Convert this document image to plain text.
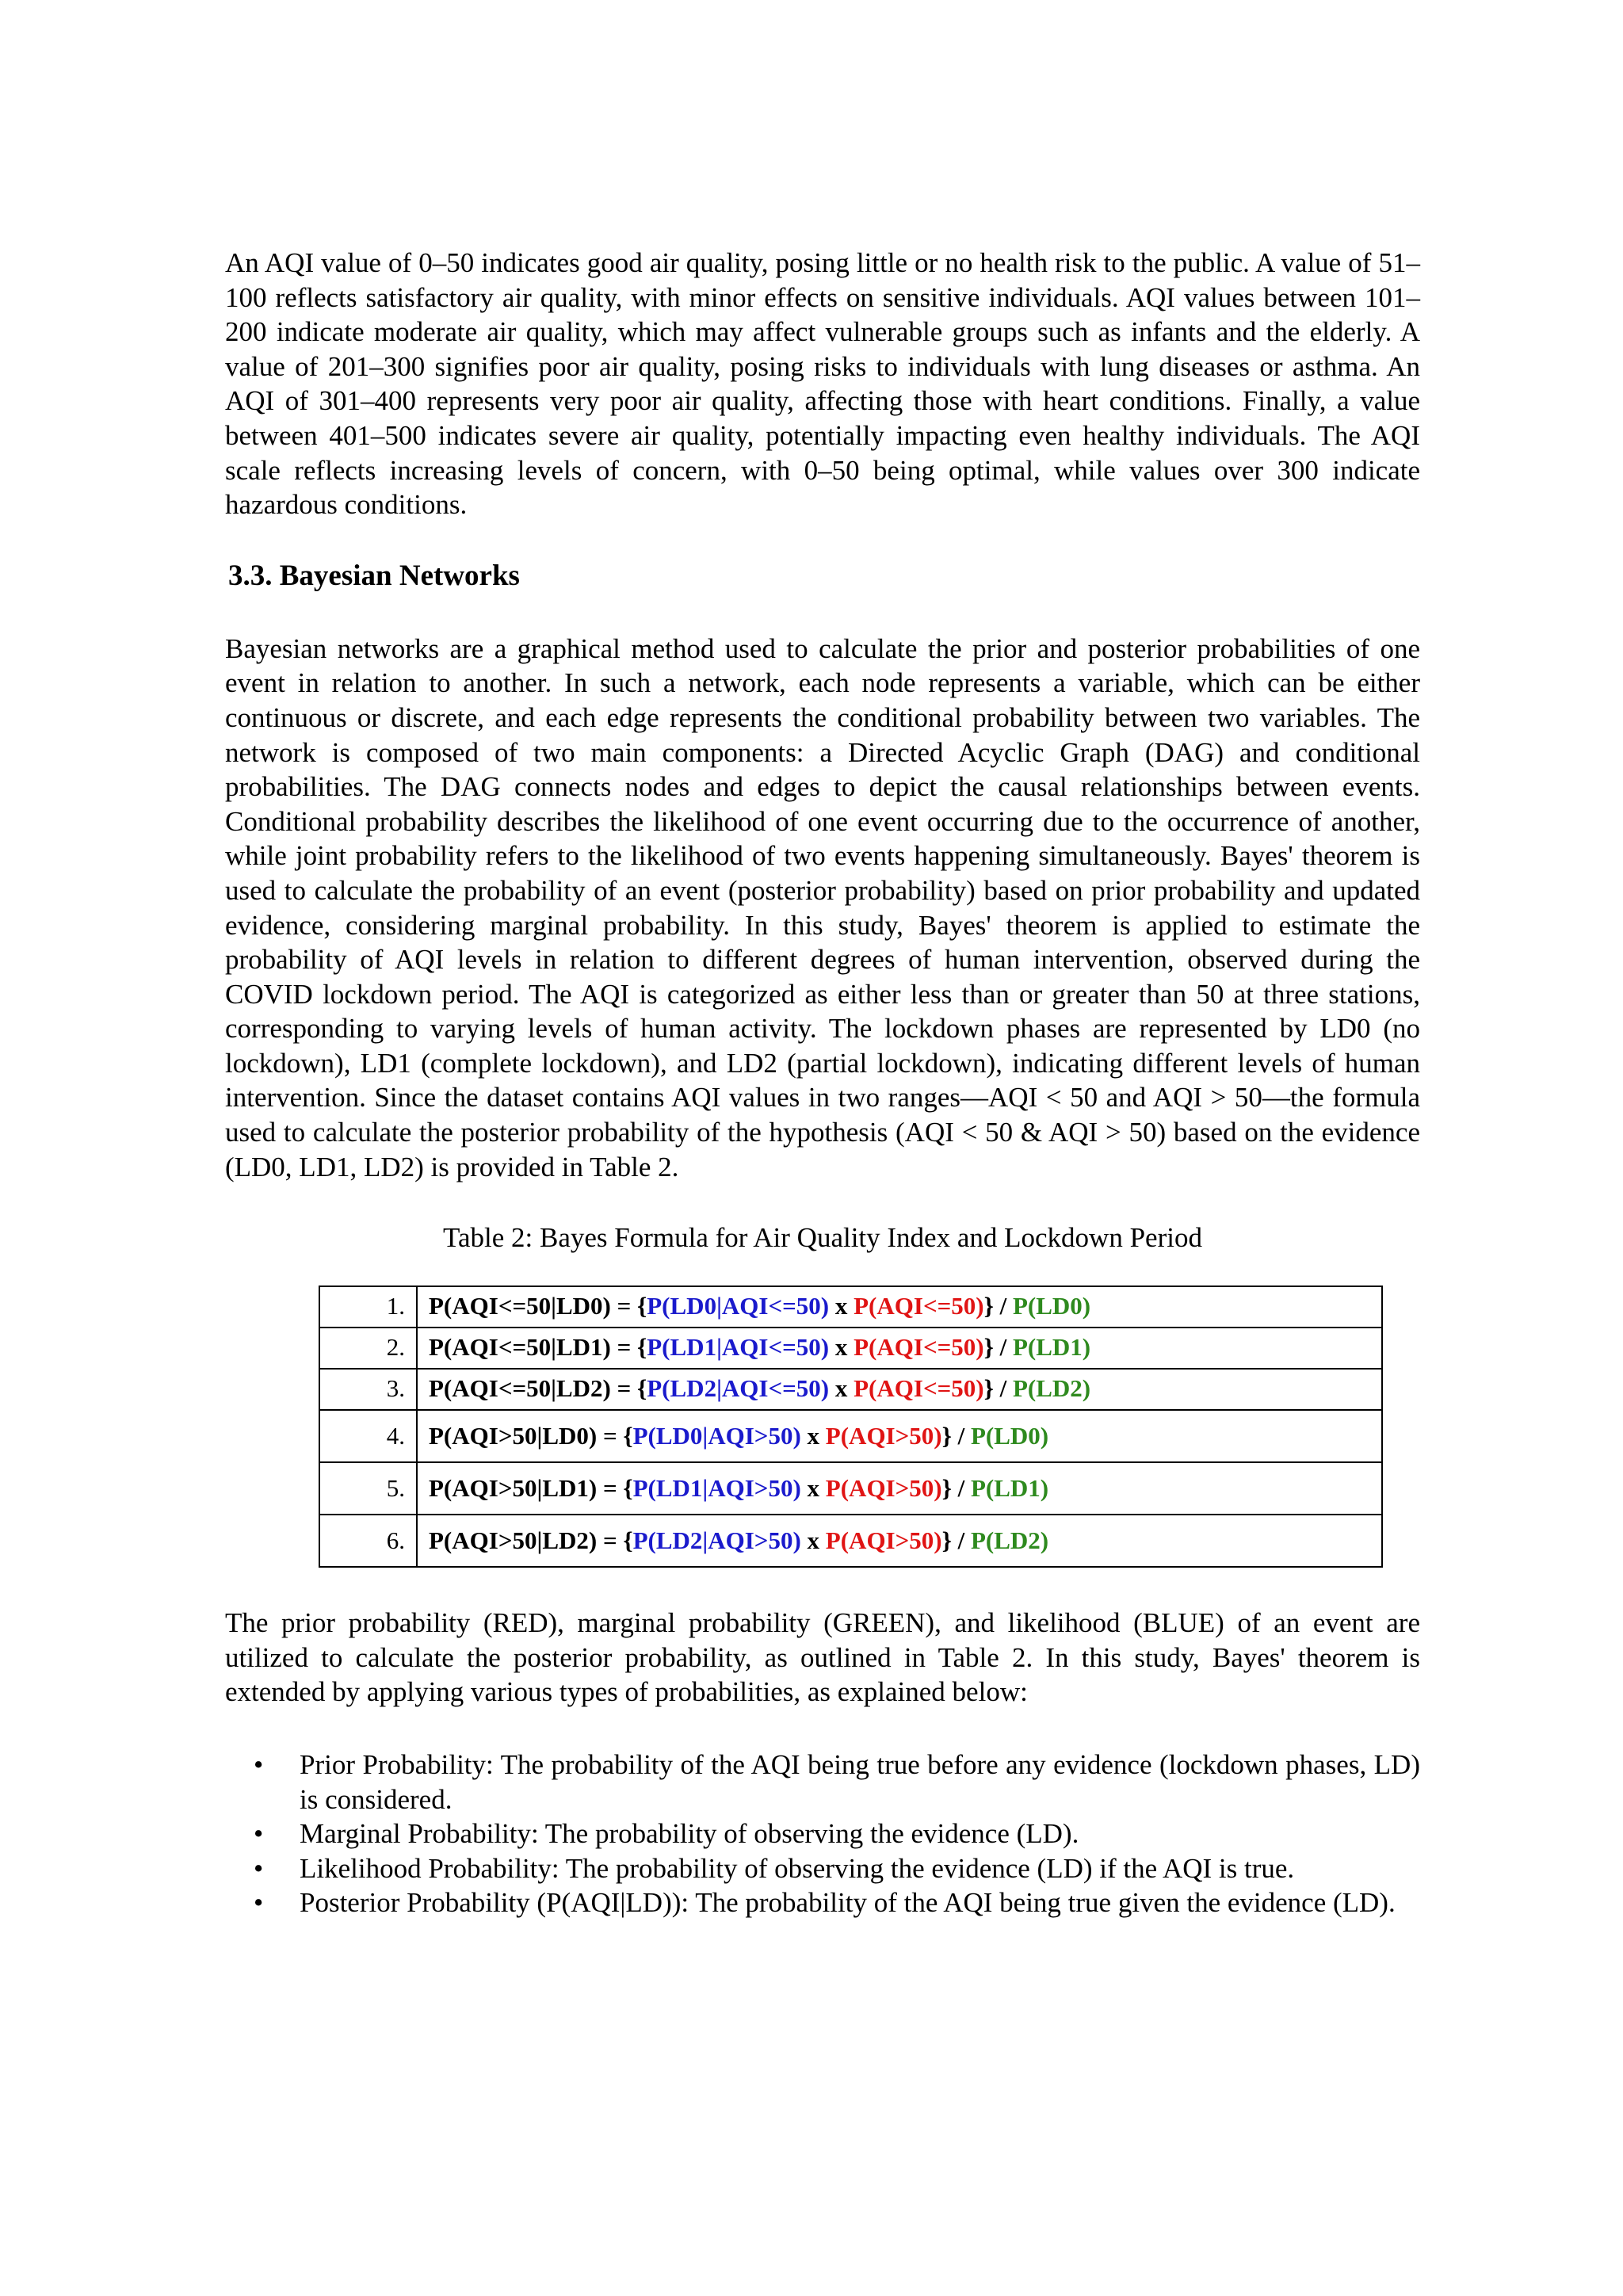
An AQI value of 0–50 indicates good air quality, posing little or no health risk to the public. A value of 51–100 reflects satisfactory air quality, with minor effects on sensitive individuals. AQI values between 101–200 indicate moderate air quality, which may affect vulnerable groups such as infants and the elderly. A value of 201–300 signifies poor air quality, posing risks to individuals with lung diseases or asthma. An AQI of 301–400 represents very poor air quality, affecting those with heart conditions. Finally, a value between 401–500 indicates severe air quality, potentially impacting even healthy individuals. The AQI scale reflects increasing levels of concern, with 0–50 being optimal, while values over 300 indicate hazardous conditions.

3.3. Bayesian Networks

Bayesian networks are a graphical method used to calculate the prior and posterior probabilities of one event in relation to another. In such a network, each node represents a variable, which can be either continuous or discrete, and each edge represents the conditional probability between two variables. The network is composed of two main components: a Directed Acyclic Graph (DAG) and conditional probabilities. The DAG connects nodes and edges to depict the causal relationships between events. Conditional probability describes the likelihood of one event occurring due to the occurrence of another, while joint probability refers to the likelihood of two events happening simultaneously. Bayes' theorem is used to calculate the probability of an event (posterior probability) based on prior probability and updated evidence, considering marginal probability. In this study, Bayes' theorem is applied to estimate the probability of AQI levels in relation to different degrees of human intervention, observed during the COVID lockdown period. The AQI is categorized as either less than or greater than 50 at three stations, corresponding to varying levels of human activity. The lockdown phases are represented by LD0 (no lockdown), LD1 (complete lockdown), and LD2 (partial lockdown), indicating different levels of human intervention. Since the dataset contains AQI values in two ranges—AQI < 50 and AQI > 50—the formula used to calculate the posterior probability of the hypothesis (AQI < 50 & AQI > 50) based on the evidence (LD0, LD1, LD2) is provided in Table 2.

Table 2: Bayes Formula for Air Quality Index and Lockdown Period
1.	P(AQI<=50|LD0) = {P(LD0|AQI<=50) x P(AQI<=50)} / P(LD0)
2.	P(AQI<=50|LD1) = {P(LD1|AQI<=50) x P(AQI<=50)} / P(LD1)
3.	P(AQI<=50|LD2) = {P(LD2|AQI<=50) x P(AQI<=50)} / P(LD2)
4.	P(AQI>50|LD0) = {P(LD0|AQI>50) x P(AQI>50)} / P(LD0)
5.	P(AQI>50|LD1) = {P(LD1|AQI>50) x P(AQI>50)} / P(LD1)
6.	P(AQI>50|LD2) = {P(LD2|AQI>50) x P(AQI>50)} / P(LD2)

The prior probability (RED), marginal probability (GREEN), and likelihood (BLUE) of an event are utilized to calculate the posterior probability, as outlined in Table 2. In this study, Bayes' theorem is extended by applying various types of probabilities, as explained below:

• Prior Probability: The probability of the AQI being true before any evidence (lockdown phases, LD) is considered.
• Marginal Probability: The probability of observing the evidence (LD).
• Likelihood Probability: The probability of observing the evidence (LD) if the AQI is true.
• Posterior Probability (P(AQI|LD)): The probability of the AQI being true given the evidence (LD).
